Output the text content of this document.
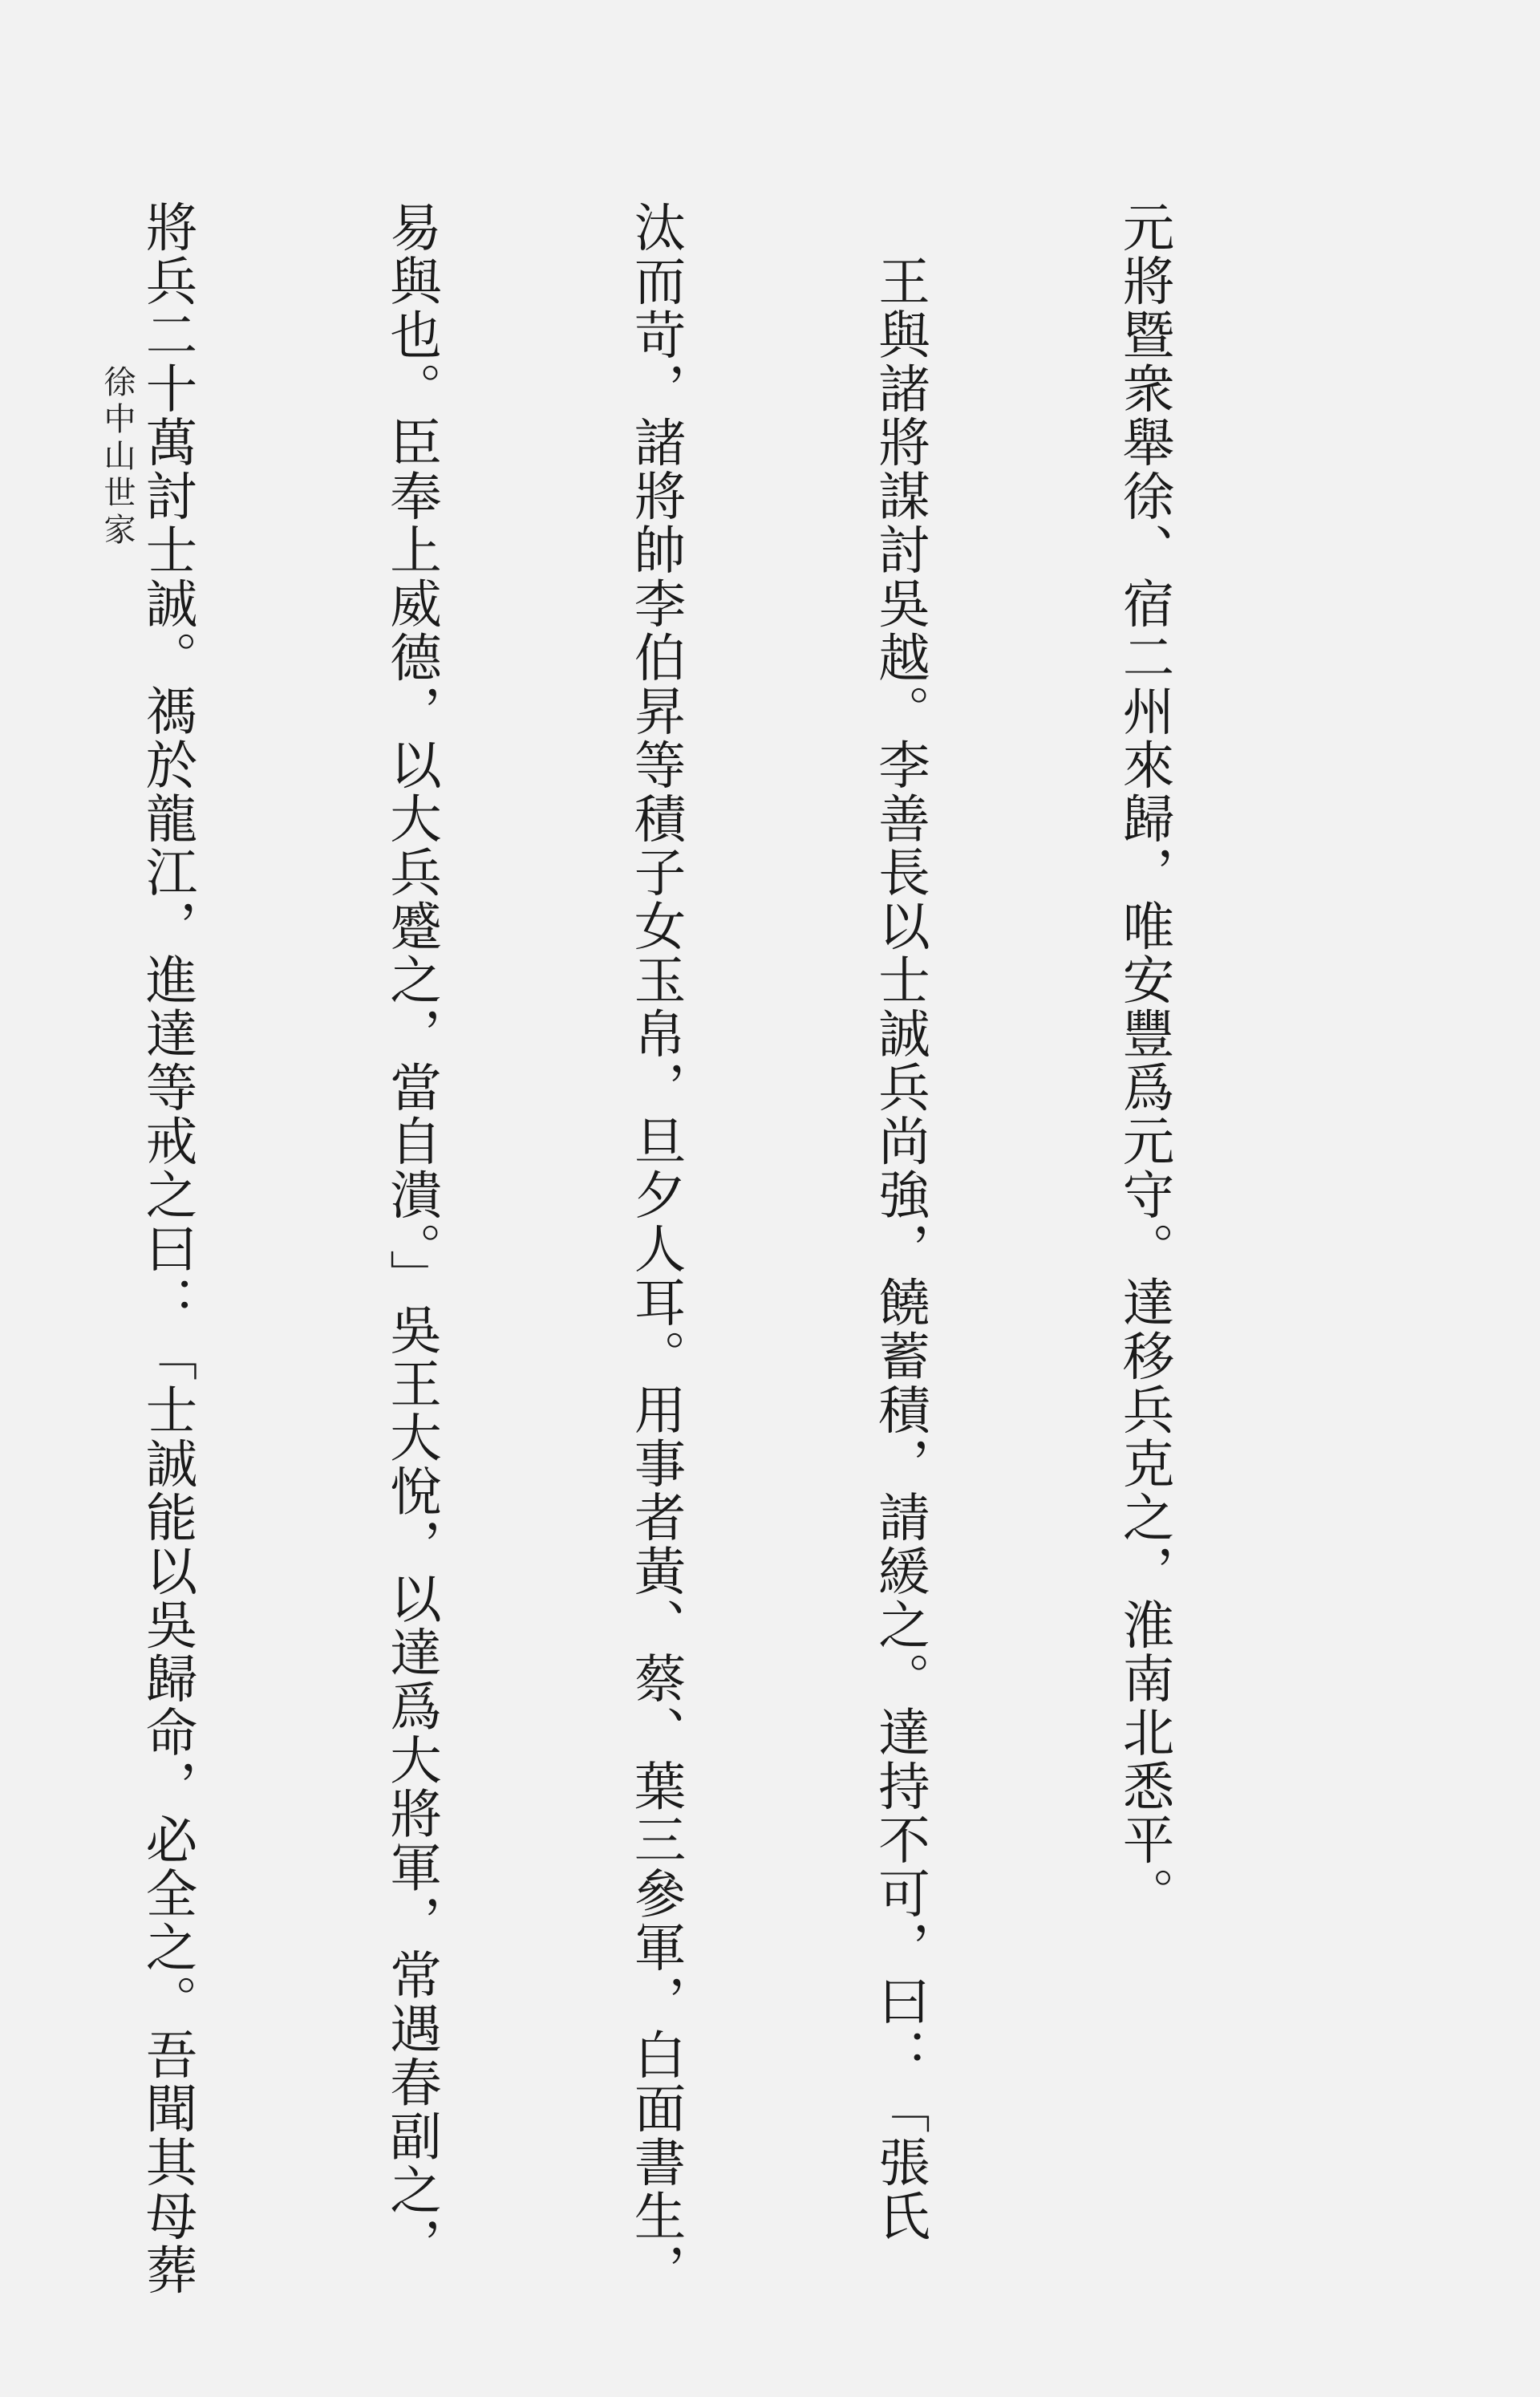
元將暨衆舉徐、宿二州來歸，唯安豐爲元守。達移兵克之，淮南北悉平。

　王與諸將謀討吳越。李善長以士誠兵尚強，饒蓄積，請緩之。達持不可，曰：「張氏

汰而苛，諸將帥李伯昇等積子女玉帛，旦夕人耳。用事者黃、蔡、葉三參軍，白面書生，

易與也。臣奉上威德，以大兵蹙之，當自潰。」吳王大悅，以達爲大將軍，常遇春副之，

將兵二十萬討士誠。禡於龍江，進達等戒之曰：「士誠能以吳歸命，必全之。吾聞其母葬

徐中山世家
